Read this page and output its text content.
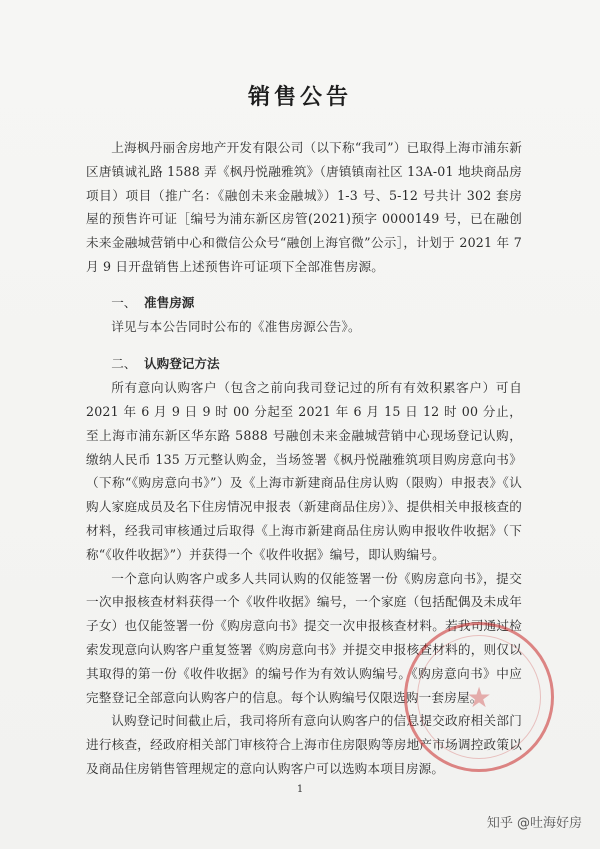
销售公告

上海枫丹丽舍房地产开发有限公司（以下称“我司”）已取得上海市浦东新区唐镇诚礼路 1588 弄《枫丹悦融雅筑》（唐镇镇南社区 13A-01 地块商品房项目）项目（推广名：《融创未来金融城》）1-3 号、5-12 号共计 302 套房屋的预售许可证［编号为浦东新区房管(2021)预字 0000149 号，已在融创未来金融城营销中心和微信公众号“融创上海官微”公示］，计划于 2021 年 7 月 9 日开盘销售上述预售许可证项下全部准售房源。

一、 准售房源

详见与本公告同时公布的《准售房源公告》。

二、 认购登记方法

所有意向认购客户（包含之前向我司登记过的所有有效积累客户）可自 2021 年 6 月 9 日 9 时 00 分起至 2021 年 6 月 15 日 12 时 00 分止，至上海市浦东新区华东路 5888 号融创未来金融城营销中心现场登记认购，缴纳人民币 135 万元整认购金，当场签署《枫丹悦融雅筑项目购房意向书》（下称“《购房意向书》”）及《上海市新建商品住房认购（限购）申报表》《认购人家庭成员及名下住房情况申报表（新建商品住房）》、提供相关申报核查的材料，经我司审核通过后取得《上海市新建商品住房认购申报收件收据》（下称“《收件收据》”）并获得一个《收件收据》编号，即认购编号。

一个意向认购客户或多人共同认购的仅能签署一份《购房意向书》，提交一次申报核查材料获得一个《收件收据》编号，一个家庭（包括配偶及未成年子女）也仅能签署一份《购房意向书》提交一次申报核查材料。若我司通过检索发现意向认购客户重复签署《购房意向书》并提交申报核查材料的，则仅以其取得的第一份《收件收据》的编号作为有效认购编号。《购房意向书》中应完整登记全部意向认购客户的信息。每个认购编号仅限选购一套房屋。

认购登记时间截止后，我司将所有意向认购客户的信息提交政府相关部门进行核查，经政府相关部门审核符合上海市住房限购等房地产市场调控政策以及商品住房销售管理规定的意向认购客户可以选购本项目房源。

★
1
知乎 @吐海好房
